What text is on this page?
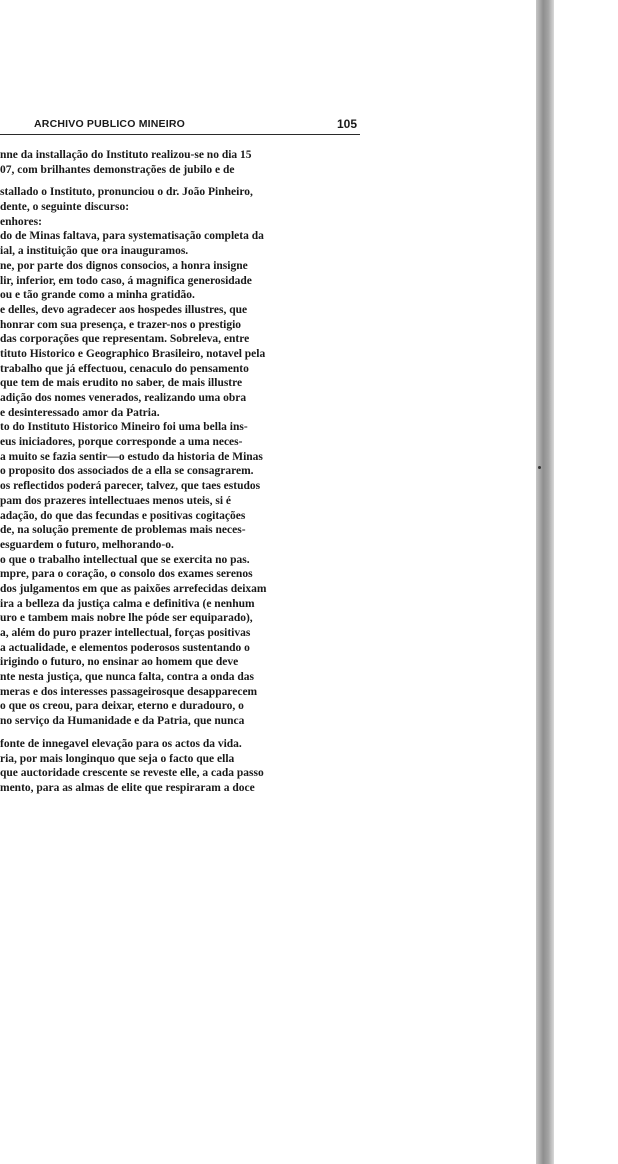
ARCHIVO PUBLICO MINEIRO	105
nne da installação do Instituto realizou-se no dia 15
07, com brilhantes demonstrações de jubilo e de
stallado o Instituto, pronunciou o dr. João Pinheiro,
dente, o seguinte discurso:
enhores:
do de Minas faltava, para systematisação completa da
ial, a instituição que ora inauguramos.
ne, por parte dos dignos consocios, a honra insigne
lir, inferior, em todo caso, á magnifica generosidade
ou e tão grande como a minha gratidão.
e delles, devo agradecer aos hospedes illustres, que
honrar com sua presença, e trazer-nos o prestigio
das corporações que representam. Sobreleva, entre
tituto Historico e Geographico Brasileiro, notavel pela
trabalho que já effectuou, cenaculo do pensamento
que tem de mais erudito no saber, de mais illustre
adição dos nomes venerados, realizando uma obra
e desinteressado amor da Patria.
to do Instituto Historico Mineiro foi uma bella ins-
eus iniciadores, porque corresponde a uma neces-
a muito se fazia sentir—o estudo da historia de Minas
o proposito dos associados de a ella se consagrarem.
os reflectidos poderá parecer, talvez, que taes estudos
pam dos prazeres intellectuaes menos uteis, si é
adação, do que das fecundas e positivas cogitações
de, na solução premente de problemas mais neces-
esguardem o futuro, melhorando-o.
o que o trabalho intellectual que se exercita no pas.
mpre, para o coração, o consolo dos exames serenos
dos julgamentos em que as paixões arrefecidas deixam
ira a belleza da justiça calma e definitiva (e nenhum
uro e tambem mais nobre lhe póde ser equiparado),
a, além do puro prazer intellectual, forças positivas
a actualidade, e elementos poderosos sustentando o
irigindo o futuro, no ensinar ao homem que deve
nte nesta justiça, que nunca falta, contra a onda das
meras e dos interesses passageirosque desapparecem
o que os creou, para deixar, eterno e duradouro, o
no serviço da Humanidade e da Patria, que nunca
fonte de innegavel elevação para os actos da vida.
ria, por mais longinquo que seja o facto que ella
que auctoridade crescente se reveste elle, a cada passo
mento, para as almas de elite que respiraram a doce
